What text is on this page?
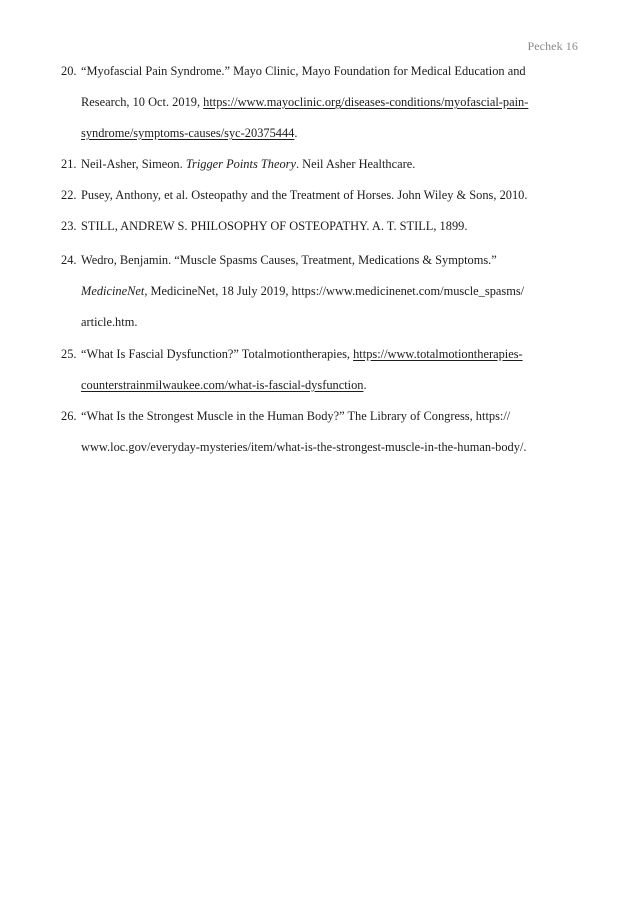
Pechek 16
20. “Myofascial Pain Syndrome.” Mayo Clinic, Mayo Foundation for Medical Education and
Research, 10 Oct. 2019, https://www.mayoclinic.org/diseases-conditions/myofascial-pain-
syndrome/symptoms-causes/syc-20375444.
21. Neil-Asher, Simeon. Trigger Points Theory. Neil Asher Healthcare.
22. Pusey, Anthony, et al. Osteopathy and the Treatment of Horses. John Wiley & Sons, 2010.
23. STILL, ANDREW S. PHILOSOPHY OF OSTEOPATHY. A. T. STILL, 1899.
24. Wedro, Benjamin. “Muscle Spasms Causes, Treatment, Medications & Symptoms.”
MedicineNet, MedicineNet, 18 July 2019, https://www.medicinenet.com/muscle_spasms/
article.htm.
25. “What Is Fascial Dysfunction?” Totalmotiontherapies, https://www.totalmotiontherapies-
counterstrainmilwaukee.com/what-is-fascial-dysfunction.
26. “What Is the Strongest Muscle in the Human Body?” The Library of Congress, https://
www.loc.gov/everyday-mysteries/item/what-is-the-strongest-muscle-in-the-human-body/.
